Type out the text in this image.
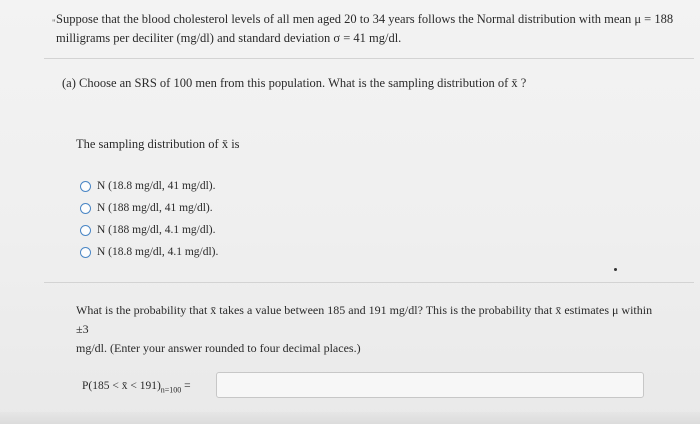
" Suppose that the blood cholesterol levels of all men aged 20 to 34 years follows the Normal distribution with mean μ = 188
milligrams per deciliter (mg/dl) and standard deviation σ = 41 mg/dl.
(a) Choose an SRS of 100 men from this population. What is the sampling distribution of x̄ ?
The sampling distribution of x̄ is
N (18.8 mg/dl, 41 mg/dl).
N (188 mg/dl, 41 mg/dl).
N (188 mg/dl, 4.1 mg/dl).
N (18.8 mg/dl, 4.1 mg/dl).
What is the probability that x̄ takes a value between 185 and 191 mg/dl? This is the probability that x̄ estimates μ within ±3
mg/dl. (Enter your answer rounded to four decimal places.)
P(185 < x̄ < $191)_{n=100}$ =
